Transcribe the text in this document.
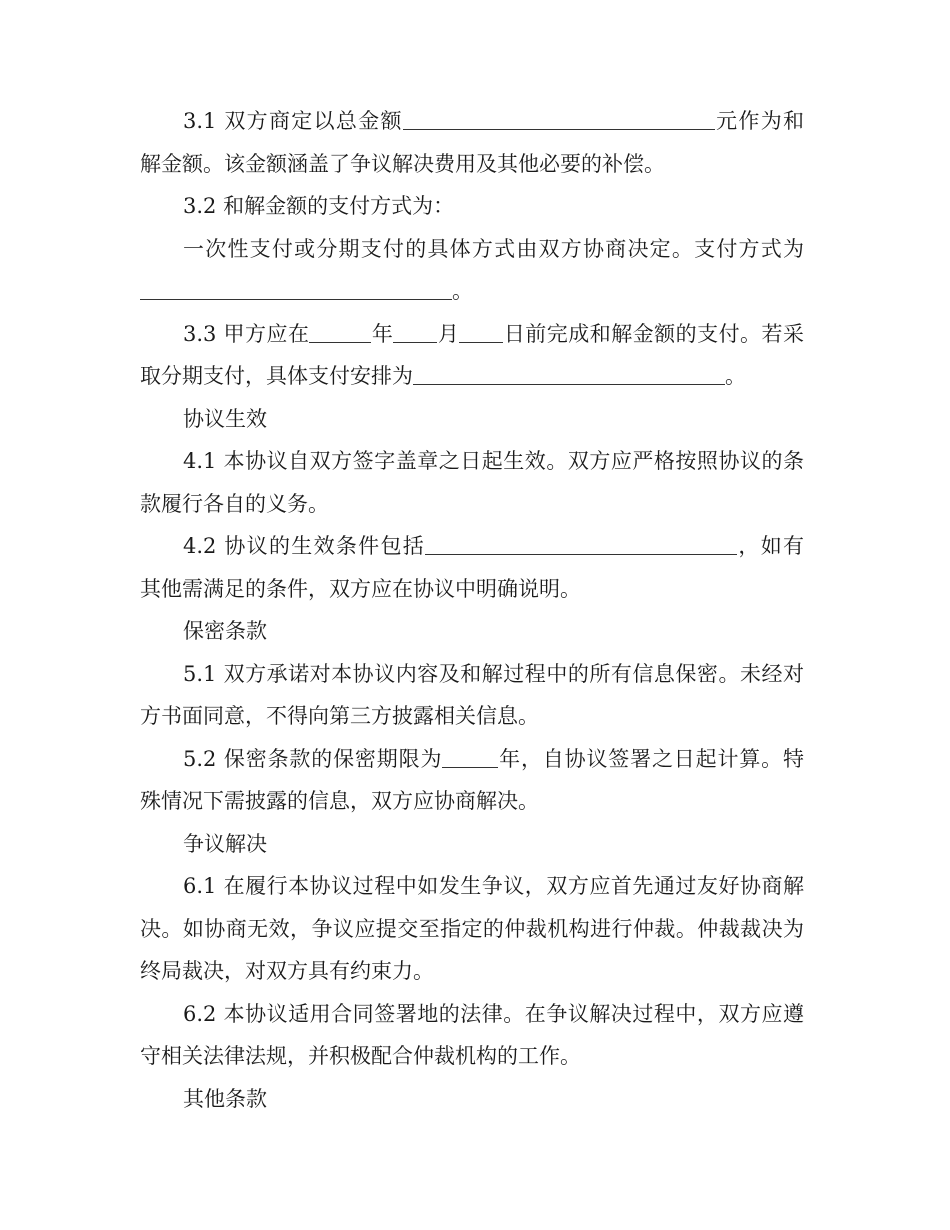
3.1 双方商定以总金额	元作为和解金额。该金额涵盖了争议解决费用及其他必要的补偿。

3.2 和解金额的支付方式为：

一次性支付或分期支付的具体方式由双方协商决定。支付方式为。

3.3 甲方应在	年 月 日前完成和解金额的支付。若采取分期支付，具体支付安排为	。

协议生效

4.1 本协议自双方签字盖章之日起生效。双方应严格按照协议的条款履行各自的义务。

4.2 协议的生效条件包括	，如有其他需满足的条件，双方应在协议中明确说明。

保密条款

5.1 双方承诺对本协议内容及和解过程中的所有信息保密。未经对方书面同意，不得向第三方披露相关信息。

5.2 保密条款的保密期限为	年，自协议签署之日起计算。特殊情况下需披露的信息，双方应协商解决。

争议解决

6.1 在履行本协议过程中如发生争议，双方应首先通过友好协商解决。如协商无效，争议应提交至指定的仲裁机构进行仲裁。仲裁裁决为终局裁决，对双方具有约束力。

6.2 本协议适用合同签署地的法律。在争议解决过程中，双方应遵守相关法律法规，并积极配合仲裁机构的工作。

其他条款
